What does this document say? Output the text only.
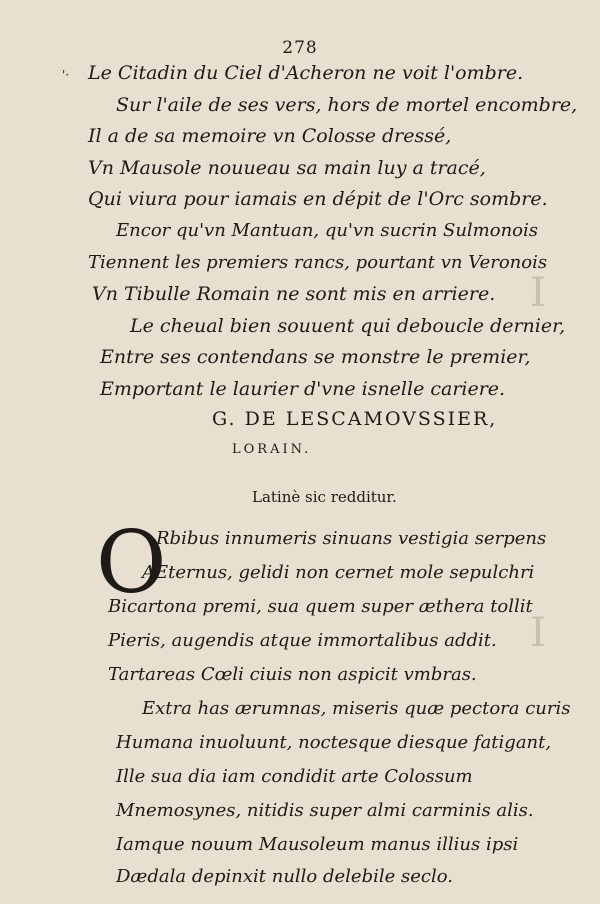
278
'· Le Citadin du Ciel d'Acheron ne voit l'ombre.
Sur l'aile de ses vers, hors de mortel encombre,
Il a de sa memoire vn Colosse dressé,
Vn Mausole nouueau sa main luy a tracé,
Qui viura pour iamais en dépit de l'Orc sombre.
Encor qu'vn Mantuan, qu'vn sucrin Sulmonois
Tiennent les premiers rancs, pourtant vn Veronois
Vn Tibulle Romain ne sont mis en arriere.
Le cheual bien souuent qui deboucle dernier,
Entre ses contendans se monstre le premier,
G. DE LESCAMOVSSIER,
LORAIN.
Latinè sic redditur.
O
Rbibus innumeris sinuans vestigia serpens
AEternus, gelidi non cernet mole sepulchri
Bicartona premi, sua quem super æthera tollit
Pieris, augendis atque immortalibus addit.
Tartareas Cœli ciuis non aspicit vmbras.
Extra has ærumnas, miseris quæ pectora curis
Humana inuoluunt, noctesque diesque fatigant,
Ille sua dia iam condidit arte Colossum
Mnemosynes, nitidis super almi carminis alis.
Iamque nouum Mausoleum manus illius ipsi
Dædala depinxit nullo delebile seclo.
I
I
Emportant le laurier d'vne isnelle cariere.
